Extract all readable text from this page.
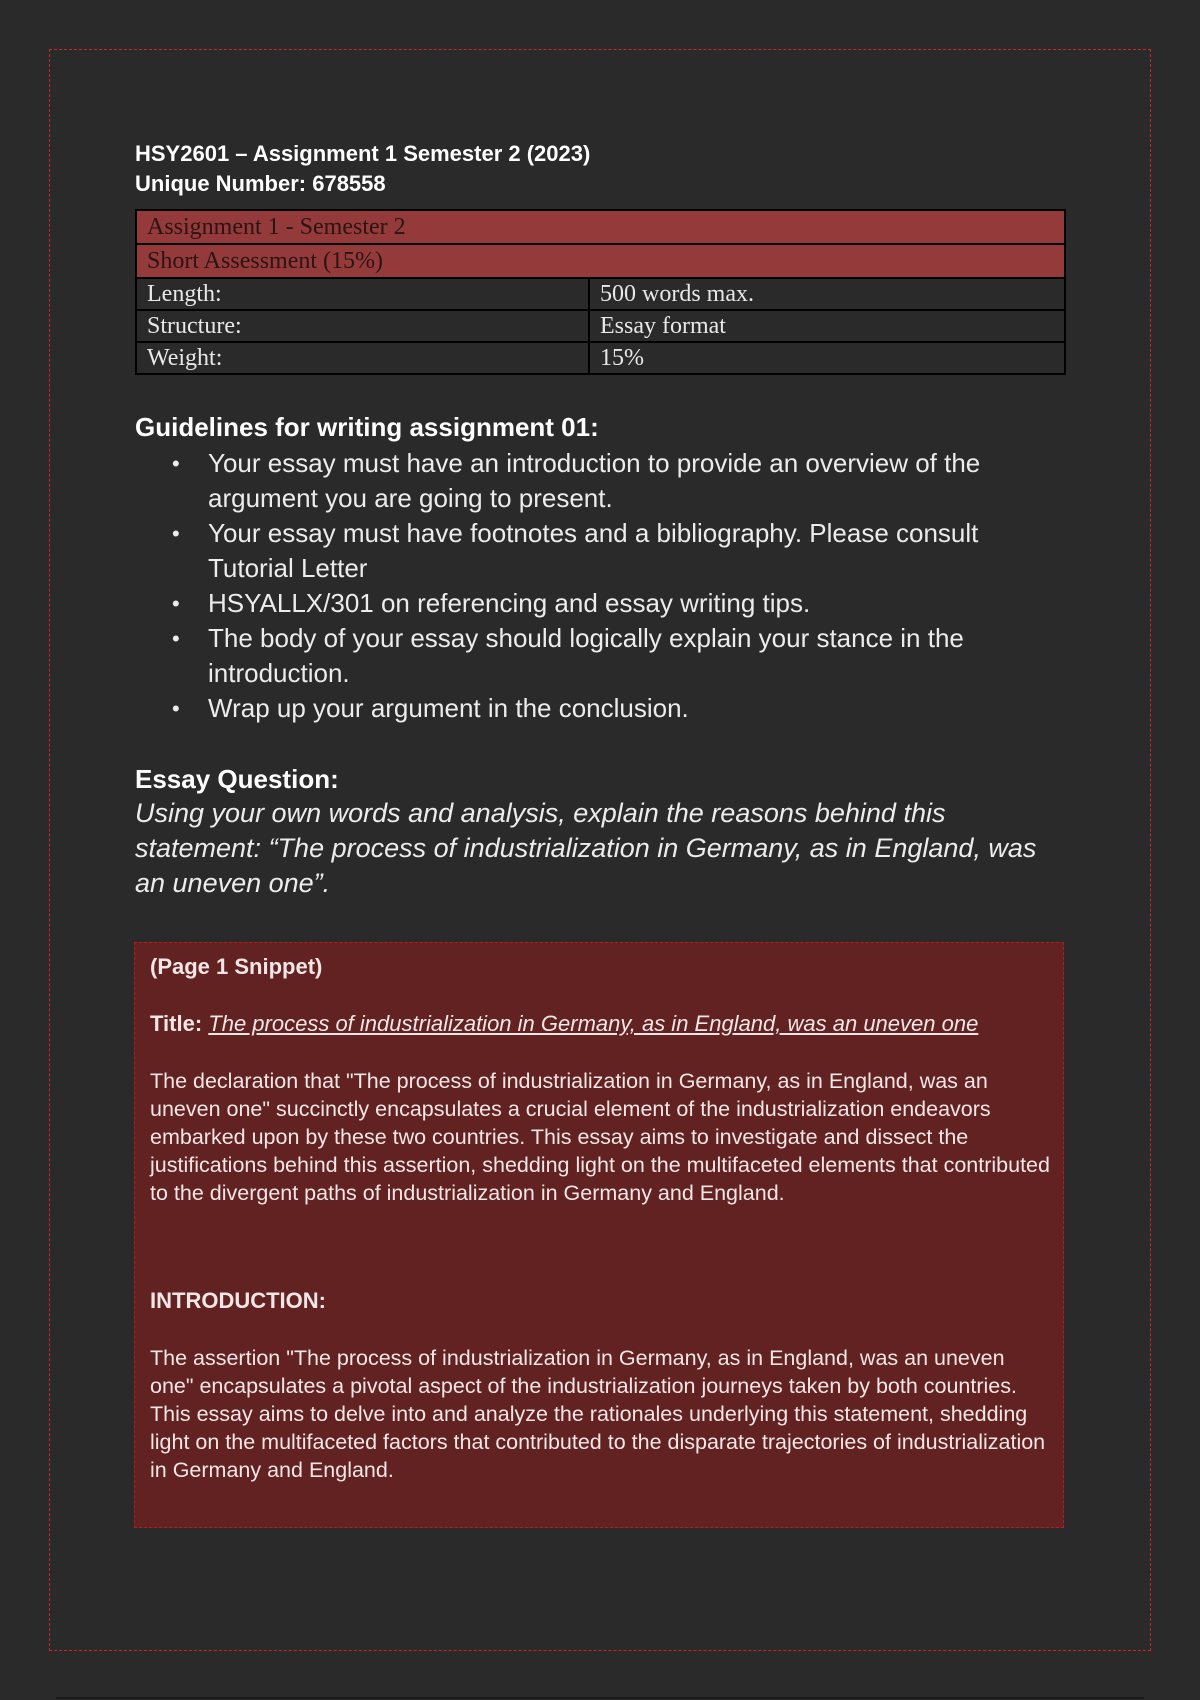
HSY2601 – Assignment 1 Semester 2 (2023)

Unique Number: 678558

Assignment 1 - Semester 2	
Short Assessment (15%)	
Length:	500 words max.
Structure:	Essay format
Weight:	15%
Guidelines for writing assignment 01:
• Your essay must have an introduction to provide an overview of the argument you are going to present.
• Your essay must have footnotes and a bibliography. Please consult Tutorial Letter
• HSYALLX/301 on referencing and essay writing tips.
• The body of your essay should logically explain your stance in the introduction.
• Wrap up your argument in the conclusion.
Essay Question:

Using your own words and analysis, explain the reasons behind this statement: “The process of industrialization in Germany, as in England, was an uneven one”.

(Page 1 Snippet)

Title: The process of industrialization in Germany, as in England, was an uneven one

The declaration that "The process of industrialization in Germany, as in England, was an uneven one" succinctly encapsulates a crucial element of the industrialization endeavors embarked upon by these two countries. This essay aims to investigate and dissect the justifications behind this assertion, shedding light on the multifaceted elements that contributed to the divergent paths of industrialization in Germany and England.

INTRODUCTION:

The assertion "The process of industrialization in Germany, as in England, was an uneven one" encapsulates a pivotal aspect of the industrialization journeys taken by both countries. This essay aims to delve into and analyze the rationales underlying this statement, shedding light on the multifaceted factors that contributed to the disparate trajectories of industrialization in Germany and England.
